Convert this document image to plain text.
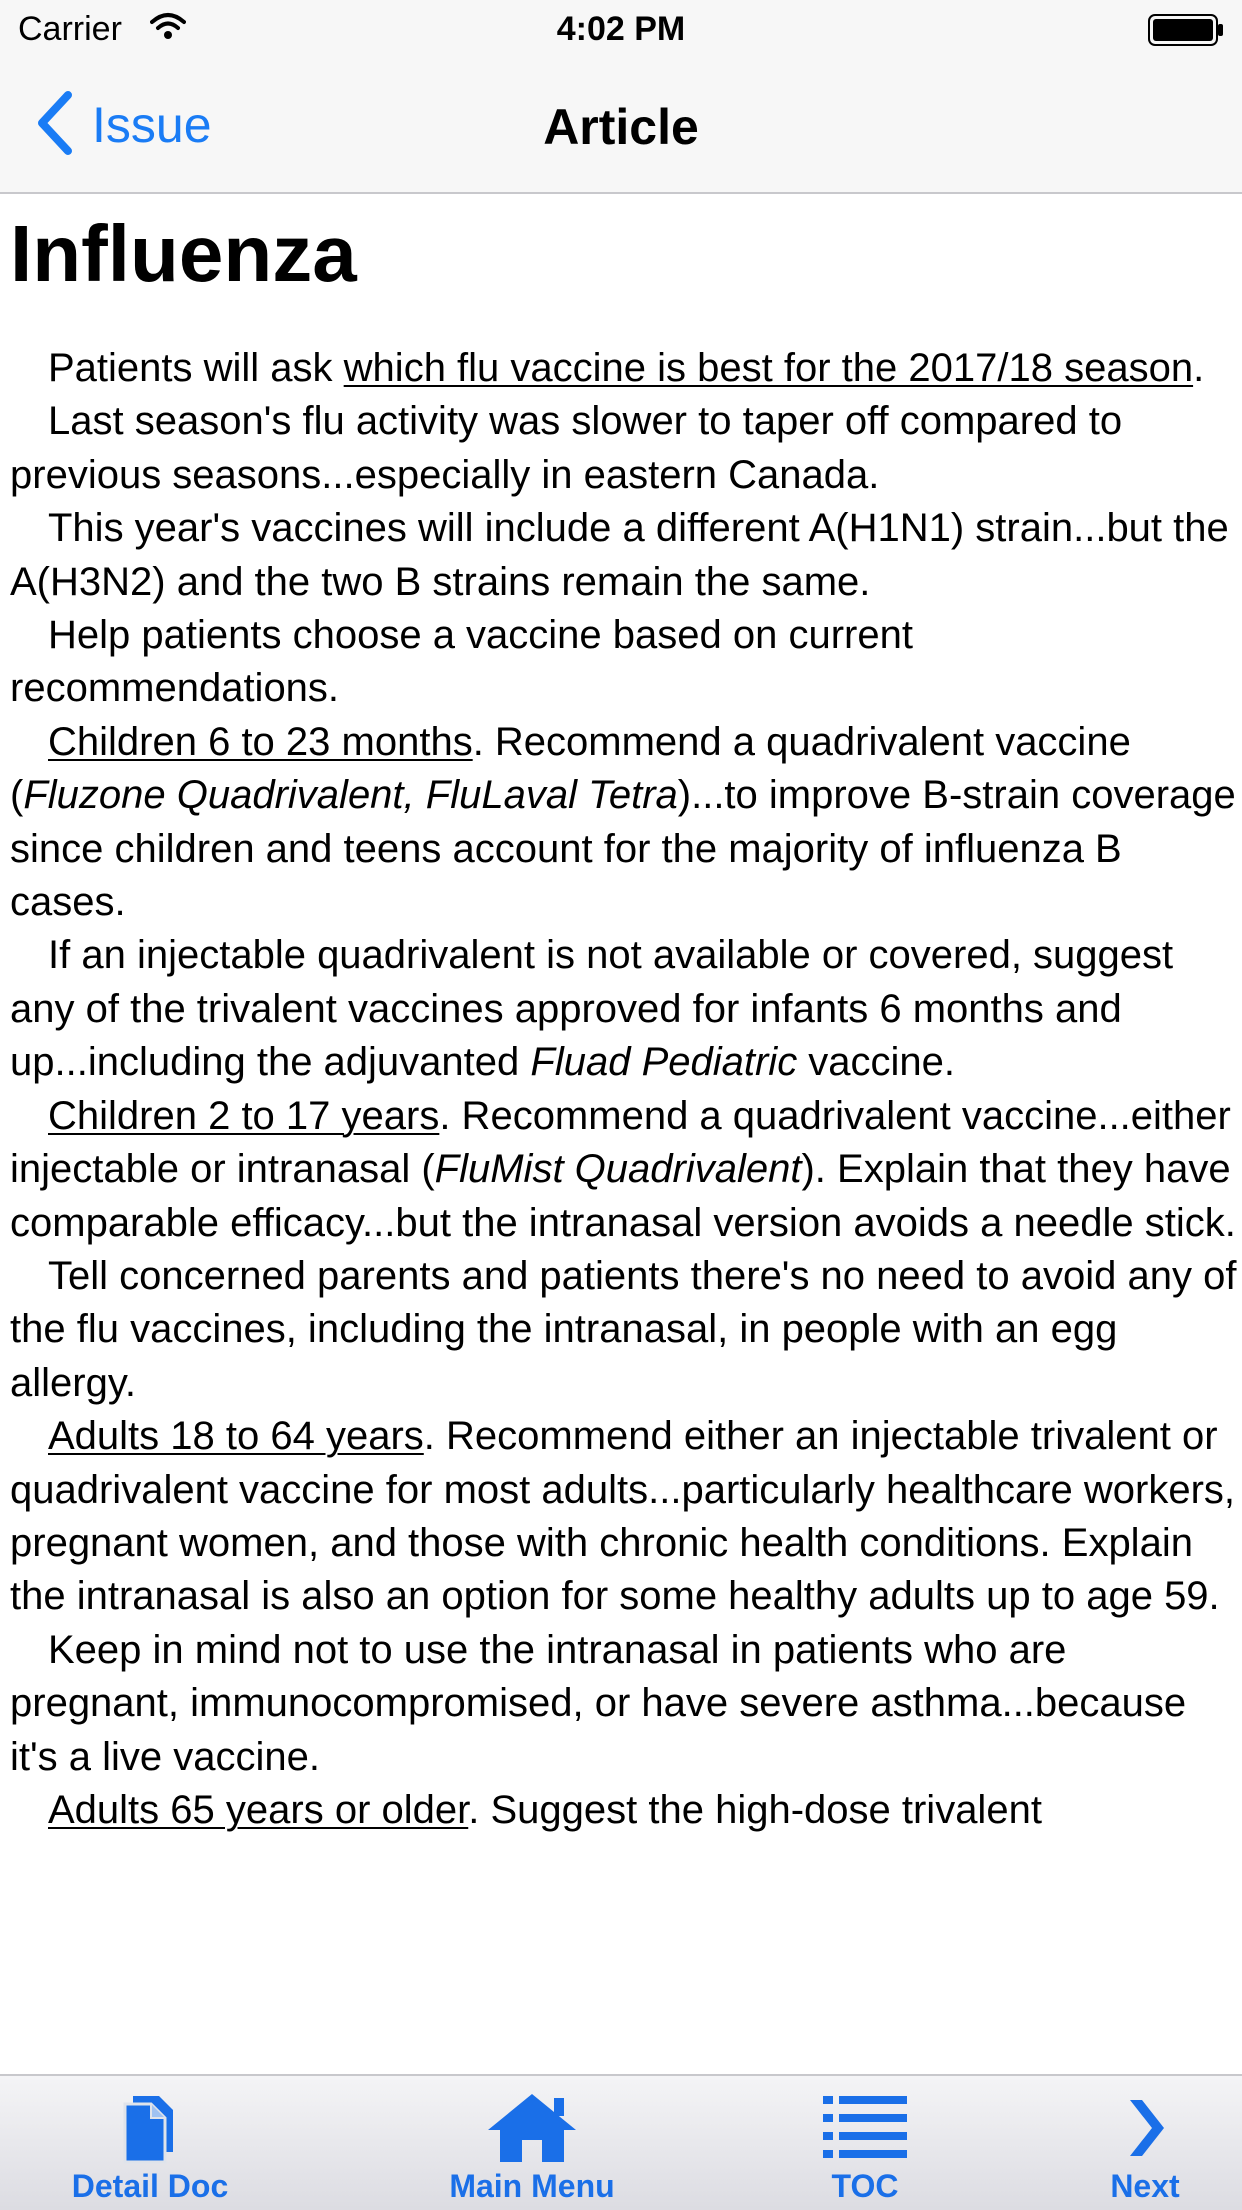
Carrier	4:02 PM
Issue	Article
Influenza

Patients will ask which flu vaccine is best for the 2017/18 season.

Last season's flu activity was slower to taper off compared to previous seasons...especially in eastern Canada.

This year's vaccines will include a different A(H1N1) strain...but the A(H3N2) and the two B strains remain the same.

Help patients choose a vaccine based on current recommendations.

Children 6 to 23 months. Recommend a quadrivalent vaccine (Fluzone Quadrivalent, FluLaval Tetra)...to improve B-strain coverage since children and teens account for the majority of influenza B cases.

If an injectable quadrivalent is not available or covered, suggest any of the trivalent vaccines approved for infants 6 months and up...including the adjuvanted Fluad Pediatric vaccine.

Children 2 to 17 years. Recommend a quadrivalent vaccine...either injectable or intranasal (FluMist Quadrivalent). Explain that they have comparable efficacy...but the intranasal version avoids a needle stick.

Tell concerned parents and patients there's no need to avoid any of the flu vaccines, including the intranasal, in people with an egg allergy.

Adults 18 to 64 years. Recommend either an injectable trivalent or quadrivalent vaccine for most adults...particularly healthcare workers, pregnant women, and those with chronic health conditions. Explain the intranasal is also an option for some healthy adults up to age 59.

Keep in mind not to use the intranasal in patients who are pregnant, immunocompromised, or have severe asthma...because it's a live vaccine.

Adults 65 years or older. Suggest the high-dose trivalent

Detail Doc	Main Menu	TOC	Next
